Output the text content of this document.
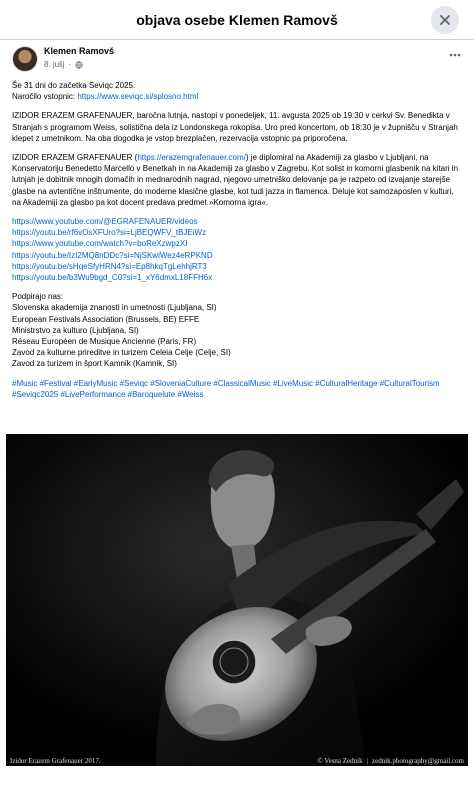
objava osebe Klemen Ramovš
Klemen Ramovš
8. julij ·
Še 31 dni do začetka Seviqc 2025.
Naročilo vstopnic: https://www.seviqc.si/splosno.html
IZIDOR ERAZEM GRAFENAUER, baročna lutnja, nastopi v ponedeljek, 11. avgusta 2025 ob 19:30 v cerkvi Sv. Benedikta v Stranjah s programom Weiss, solistična dela iz Londonskega rokopisa. Uro pred koncertom, ob 18:30 je v župnišču v Stranjah klepet z umetnikom. Na oba dogodka je vstop brezplačen, rezervacija vstopnic pa priporočena.
IZIDOR ERAZEM GRAFENAUER (https://erazemgrafenauer.com/) je diplomiral na Akademiji za glasbo v Ljubljani, na Konservatoriju Benedetto Marcello v Benetkah in na Akademiji za glasbo v Zagrebu. Kot solist in komorni glasbenik na kitari in lutnjah je dobitnik mnogih domačih in mednarodnih nagrad, njegovo umetniško delovanje pa je razpeto od izvajanje starejše glasbe na avtentične inštrumente, do moderne klasične glasbe, kot tudi jazza in flamenca. Deluje kot samozaposlen v kulturi, na Akademiji za glasbo pa kot docent predava predmet »Komorna igra«.
https://www.youtube.com/@EGRAFENAUER/videos
https://youtu.be/rf6vOsXFUro?si=LjBEQWFV_tBJEiWz
https://www.youtube.com/watch?v=boReXzwpzXI
https://youtu.be/IzI2MQ8nDDc?si=NjSKwiWez4eRPKND
https://youtu.be/sHqeSfyHRN4?si=Ep8hkqTgLehhjRT3
https://youtu.be/b3Wu9bgd_C0?si=1_xY6dmxL18FFH6x
Podpirajo nas:
Slovenska akademija znanosti in umetnosti (Ljubljana, SI)
European Festivals Association (Brussels, BE) EFFE
Ministrstvo za kulturo (Ljubljana, SI)
Réseau Européen de Musique Ancienne (Paris, FR)
Zavod za kulturne prireditve in turizem Celeia Celje (Celje, SI)
Zavod za turizem in šport Kamnik (Kamnik, SI)
#Music #Festival #EarlyMusic #Seviqc #SloveniaCulture #ClassicalMusic #LiveMusic #CulturalHeritage #CulturalTourism #Seviqc2025 #LivePerformance #Baroquelute #Weiss
Izidor Erazem Grafenauer 2017.	© Vesna Zednik | zednik.photography@gmail.com
